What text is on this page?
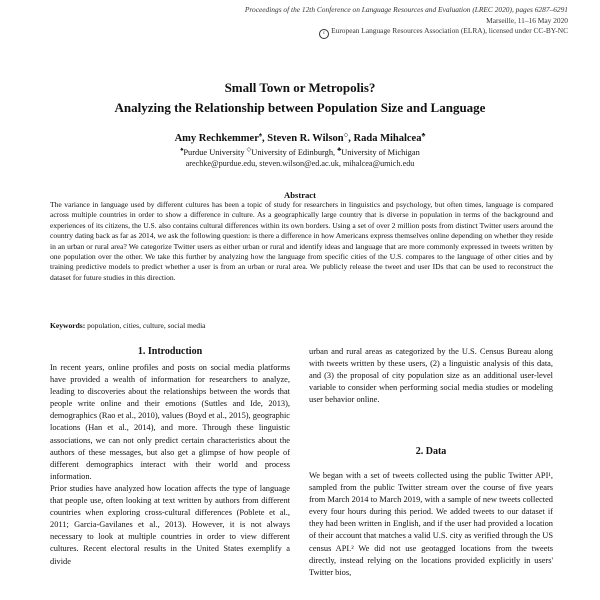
Proceedings of the 12th Conference on Language Resources and Evaluation (LREC 2020), pages 6287–6291
Marseille, 11–16 May 2020
c European Language Resources Association (ELRA), licensed under CC-BY-NC
Small Town or Metropolis?
Analyzing the Relationship between Population Size and Language
Amy Rechkemmer♠, Steven R. Wilson◇, Rada Mihalcea♣
♠Purdue University ◇University of Edinburgh, ♣University of Michigan
arechke@purdue.edu, steven.wilson@ed.ac.uk, mihalcea@umich.edu
Abstract

The variance in language used by different cultures has been a topic of study for researchers in linguistics and psychology, but often times, language is compared across multiple countries in order to show a difference in culture. As a geographically large country that is diverse in population in terms of the background and experiences of its citizens, the U.S. also contains cultural differences within its own borders. Using a set of over 2 million posts from distinct Twitter users around the country dating back as far as 2014, we ask the following question: is there a difference in how Americans express themselves online depending on whether they reside in an urban or rural area? We categorize Twitter users as either urban or rural and identify ideas and language that are more commonly expressed in tweets written by one population over the other. We take this further by analyzing how the language from specific cities of the U.S. compares to the language of other cities and by training predictive models to predict whether a user is from an urban or rural area. We publicly release the tweet and user IDs that can be used to reconstruct the dataset for future studies in this direction.

Keywords: population, cities, culture, social media
1. Introduction

In recent years, online profiles and posts on social media platforms have provided a wealth of information for researchers to analyze, leading to discoveries about the relationships between the words that people write online and their emotions (Suttles and Ide, 2013), demographics (Rao et al., 2010), values (Boyd et al., 2015), geographic locations (Han et al., 2014), and more. Through these linguistic associations, we can not only predict certain characteristics about the authors of these messages, but also get a glimpse of how people of different demographics interact with their world and process information.

Prior studies have analyzed how location affects the type of language that people use, often looking at text written by authors from different countries when exploring cross-cultural differences (Poblete et al., 2011; Garcia-Gavilanes et al., 2013). However, it is not always necessary to look at multiple countries in order to view different cultures. Recent electoral results in the United States exemplify a divide

urban and rural areas as categorized by the U.S. Census Bureau along with tweets written by these users, (2) a linguistic analysis of this data, and (3) the proposal of city population size as an additional user-level variable to consider when performing social media studies or modeling user behavior online.

2. Data

We began with a set of tweets collected using the public Twitter API¹, sampled from the public Twitter stream over the course of five years from March 2014 to March 2019, with a sample of new tweets collected every four hours during this period. We added tweets to our dataset if they had been written in English, and if the user had provided a location of their account that matches a valid U.S. city as verified through the US census API.² We did not use geotagged locations from the tweets directly, instead relying on the locations provided explicitly in users' Twitter bios,
